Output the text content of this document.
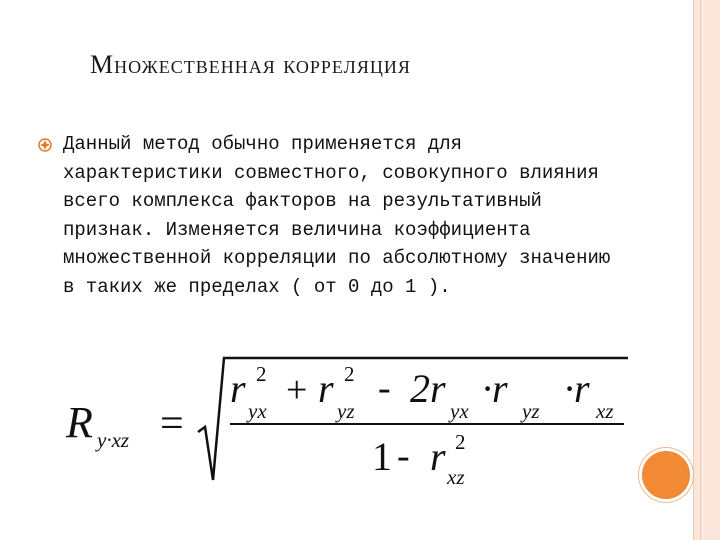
Множественная корреляция
Данный метод обычно применяется для характеристики совместного, совокупного влияния всего комплекса факторов на результативный признак. Изменяется величина коэффициента множественной корреляции по абсолютному значению в таких же пределах ( от 0 до 1 ).
R y·xz =
r 2
yx + r 2
yz
- 2r yx ·r yz ·r xz
1 - r 2
xz
